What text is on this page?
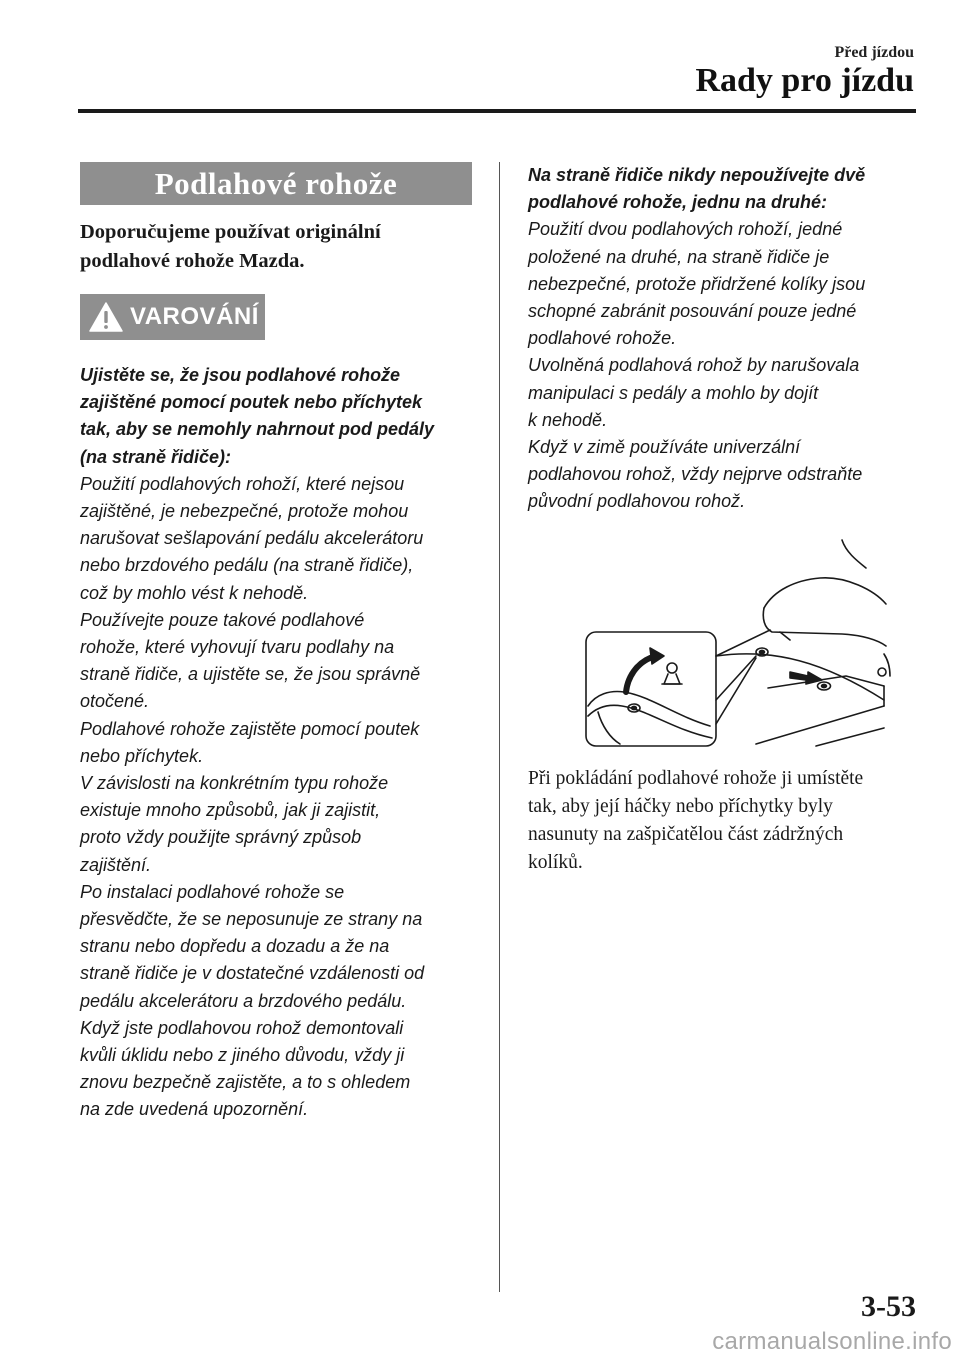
Před jízdou
Rady pro jízdu
Podlahové rohože
Doporučujeme používat originální
podlahové rohože Mazda.
VAROVÁNÍ

Ujistěte se, že jsou podlahové rohože

zajištěné pomocí poutek nebo příchytek

tak, aby se nemohly nahrnout pod pedály

(na straně řidiče):

Použití podlahových rohoží, které nejsou

zajištěné, je nebezpečné, protože mohou

narušovat sešlapování pedálu akcelerátoru

nebo brzdového pedálu (na straně řidiče),

což by mohlo vést k nehodě.

Používejte pouze takové podlahové

rohože, které vyhovují tvaru podlahy na

straně řidiče, a ujistěte se, že jsou správně

otočené.

Podlahové rohože zajistěte pomocí poutek

nebo příchytek.

V závislosti na konkrétním typu rohože

existuje mnoho způsobů, jak ji zajistit,

proto vždy použijte správný způsob

zajištění.

Po instalaci podlahové rohože se

přesvědčte, že se neposunuje ze strany na

stranu nebo dopředu a dozadu a že na

straně řidiče je v dostatečné vzdálenosti od

pedálu akcelerátoru a brzdového pedálu.

Když jste podlahovou rohož demontovali

kvůli úklidu nebo z jiného důvodu, vždy ji

znovu bezpečně zajistěte, a to s ohledem

na zde uvedená upozornění.

Na straně řidiče nikdy nepoužívejte dvě

podlahové rohože, jednu na druhé:

Použití dvou podlahových rohoží, jedné

položené na druhé, na straně řidiče je

nebezpečné, protože přidržené kolíky jsou

schopné zabránit posouvání pouze jedné

podlahové rohože.

Uvolněná podlahová rohož by narušovala

manipulaci s pedály a mohlo by dojít

k nehodě.

Když v zimě používáte univerzální

podlahovou rohož, vždy nejprve odstraňte

původní podlahovou rohož.

Při pokládání podlahové rohože ji umístěte
tak, aby její háčky nebo příchytky byly
nasunuty na zašpičatělou část zádržných
kolíků.
3-53
carmanualsonline.info
